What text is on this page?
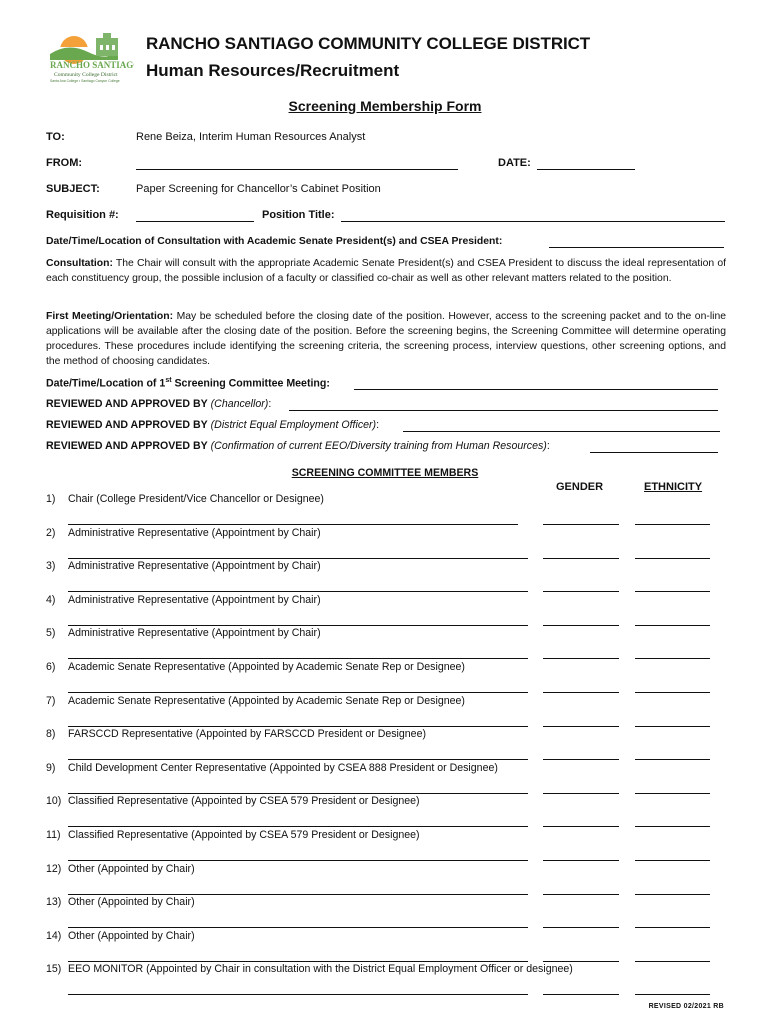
RANCHO SANTIAGO
Community College District
Santa Ana College • Santiago Canyon College
RANCHO SANTIAGO COMMUNITY COLLEGE DISTRICT
Human Resources/Recruitment
Screening Membership Form
TO:	Rene Beiza, Interim Human Resources Analyst
FROM:	DATE:
SUBJECT:	Paper Screening for Chancellor’s Cabinet Position
Requisition #:	Position Title:
Date/Time/Location of Consultation with Academic Senate President(s) and CSEA President:
Consultation: The Chair will consult with the appropriate Academic Senate President(s) and CSEA President to discuss the ideal representation of each constituency group, the possible inclusion of a faculty or classified co-chair as well as other relevant matters related to the position.
First Meeting/Orientation: May be scheduled before the closing date of the position. However, access to the screening packet and to the on-line applications will be available after the closing date of the position. Before the screening begins, the Screening Committee will determine operating procedures. These procedures include identifying the screening criteria, the screening process, interview questions, other screening options, and the method of choosing candidates.
Date/Time/Location of 1st Screening Committee Meeting:
REVIEWED AND APPROVED BY (Chancellor):
REVIEWED AND APPROVED BY (District Equal Employment Officer):
REVIEWED AND APPROVED BY (Confirmation of current EEO/Diversity training from Human Resources):
SCREENING COMMITTEE MEMBERS
GENDER	ETHNICITY
1) Chair (College President/Vice Chancellor or Designee)
2) Administrative Representative (Appointment by Chair)
3) Administrative Representative (Appointment by Chair)
4) Administrative Representative (Appointment by Chair)
5) Administrative Representative (Appointment by Chair)
6) Academic Senate Representative (Appointed by Academic Senate Rep or Designee)
7) Academic Senate Representative (Appointed by Academic Senate Rep or Designee)
8) FARSCCD Representative (Appointed by FARSCCD President or Designee)
9) Child Development Center Representative (Appointed by CSEA 888 President or Designee)
10) Classified Representative (Appointed by CSEA 579 President or Designee)
11) Classified Representative (Appointed by CSEA 579 President or Designee)
12) Other (Appointed by Chair)
13) Other (Appointed by Chair)
14) Other (Appointed by Chair)
15) EEO MONITOR (Appointed by Chair in consultation with the District Equal Employment Officer or designee)
REVISED 02/2021 RB
